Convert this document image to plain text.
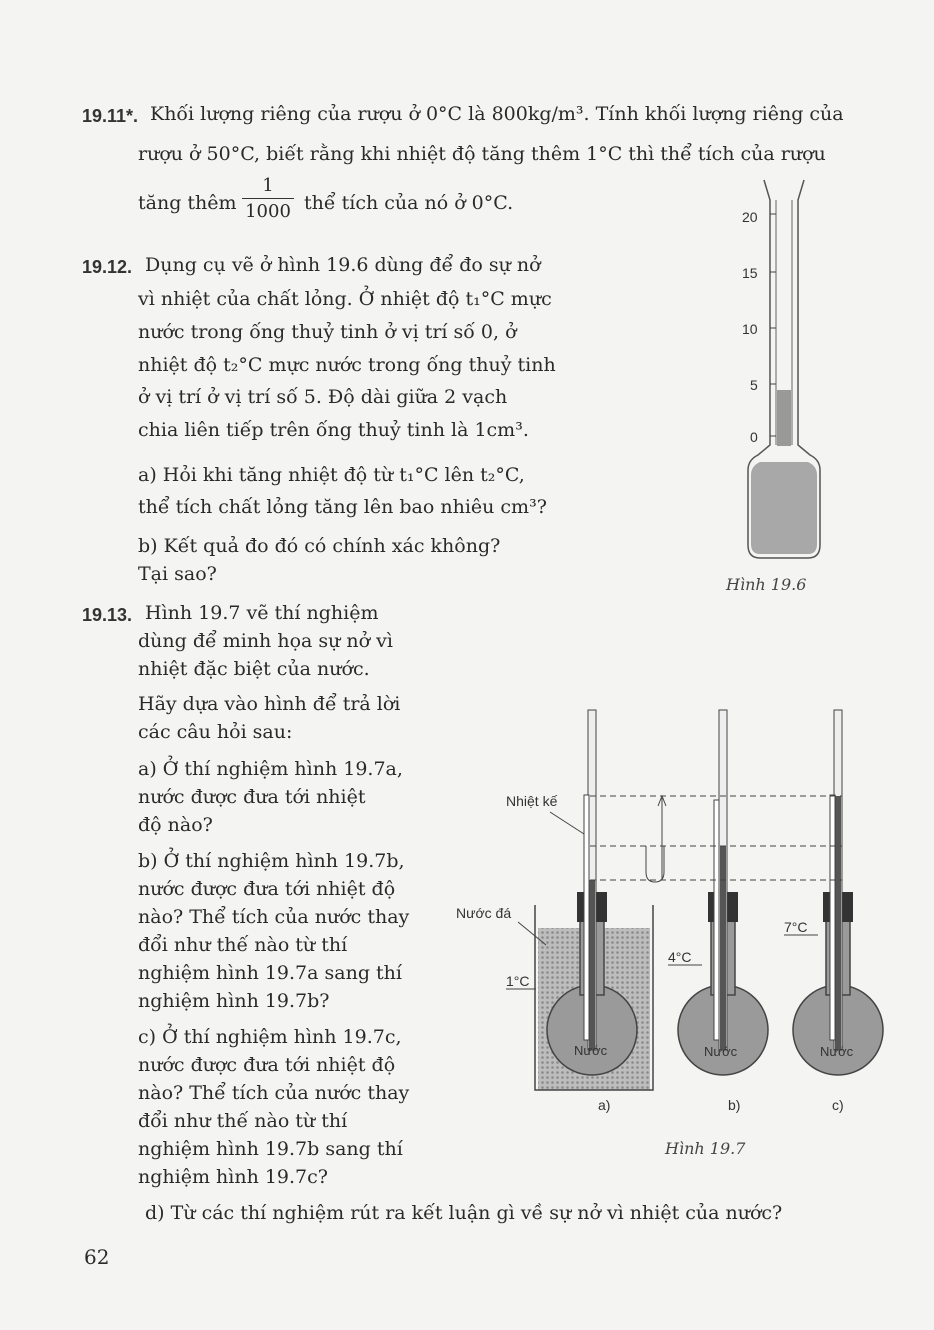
19.11*. Khối lượng riêng của rượu ở 0°C là 800kg/m³. Tính khối lượng riêng của
rượu ở 50°C, biết rằng khi nhiệt độ tăng thêm 1°C thì thể tích của rượu
tăng thêm
1
1000 thể tích của nó ở 0°C.
19.12. Dụng cụ vẽ ở hình 19.6 dùng để đo sự nở
vì nhiệt của chất lỏng. Ở nhiệt độ t₁°C mực
nước trong ống thuỷ tinh ở vị trí số 0, ở
nhiệt độ t₂°C mực nước trong ống thuỷ tinh
ở vị trí ở vị trí số 5. Độ dài giữa 2 vạch
chia liên tiếp trên ống thuỷ tinh là 1cm³.
a) Hỏi khi tăng nhiệt độ từ t₁°C lên t₂°C,
thể tích chất lỏng tăng lên bao nhiêu cm³?
b) Kết quả đo đó có chính xác không?
Tại sao?
20
15
10
5
0
Hình 19.6
19.13. Hình 19.7 vẽ thí nghiệm
dùng để minh họa sự nở vì
nhiệt đặc biệt của nước.
Hãy dựa vào hình để trả lời
các câu hỏi sau:
a) Ở thí nghiệm hình 19.7a,
nước được đưa tới nhiệt
độ nào?
b) Ở thí nghiệm hình 19.7b,
nước được đưa tới nhiệt độ
nào? Thể tích của nước thay
đổi như thế nào từ thí
nghiệm hình 19.7a sang thí
nghiệm hình 19.7b?
c) Ở thí nghiệm hình 19.7c,
nước được đưa tới nhiệt độ
nào? Thể tích của nước thay
đổi như thế nào từ thí
nghiệm hình 19.7b sang thí
nghiệm hình 19.7c?
d) Từ các thí nghiệm rút ra kết luận gì về sự nở vì nhiệt của nước?
1°C
4°C
7°C
Nhiệt kế
Nước đá
Nước	Nước	Nước
a)	b)	c)
Hình 19.7
62
